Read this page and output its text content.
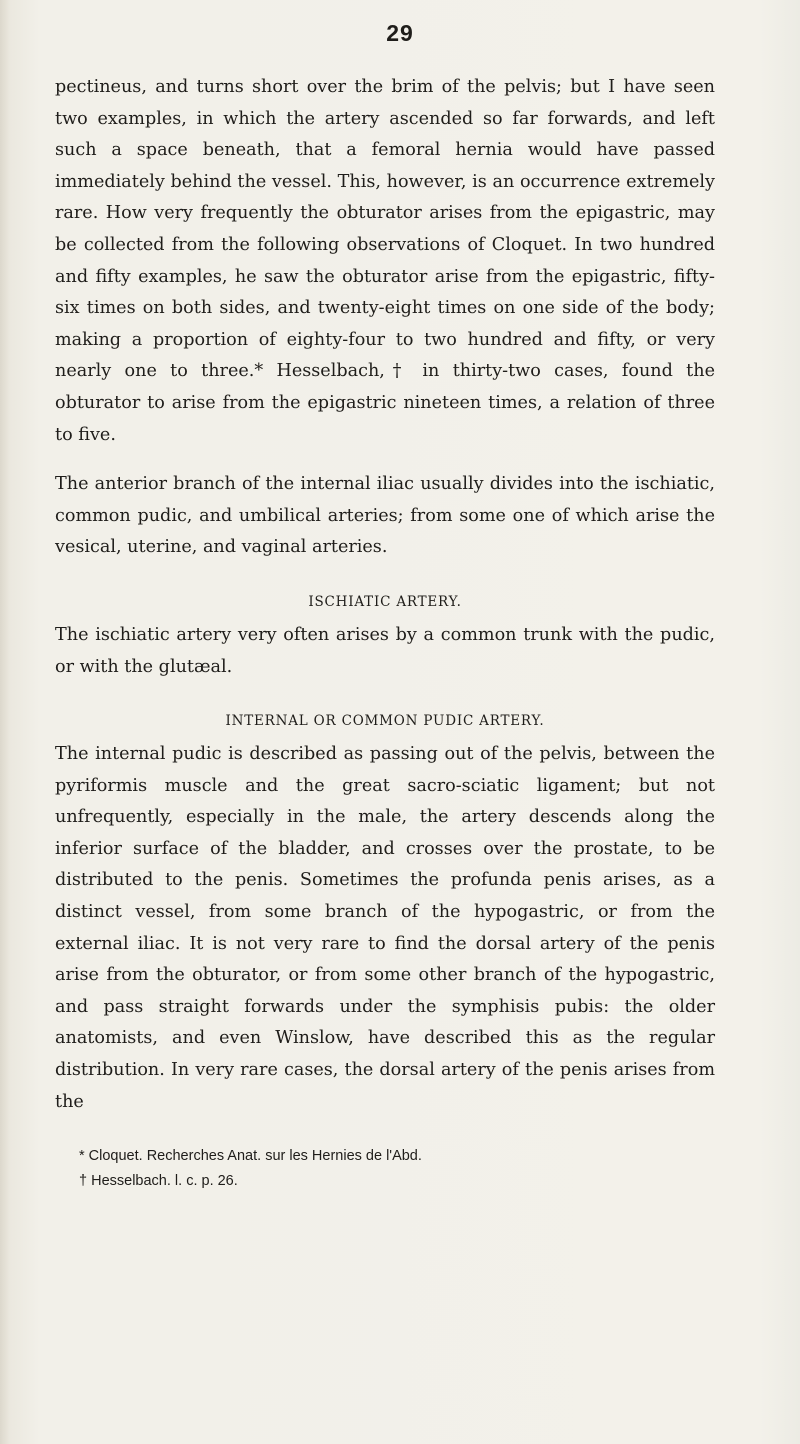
29

pectineus, and turns short over the brim of the pelvis; but I have seen two examples, in which the artery ascended so far forwards, and left such a space beneath, that a femoral hernia would have passed immediately behind the vessel. This, however, is an occurrence extremely rare. How very frequently the obturator arises from the epigastric, may be collected from the following observations of Cloquet. In two hundred and fifty examples, he saw the obturator arise from the epigastric, fifty-six times on both sides, and twenty-eight times on one side of the body; making a proportion of eighty-four to two hundred and fifty, or very nearly one to three.* Hesselbach,† in thirty-two cases, found the obturator to arise from the epigastric nineteen times, a relation of three to five.

The anterior branch of the internal iliac usually divides into the ischiatic, common pudic, and umbilical arteries; from some one of which arise the vesical, uterine, and vaginal arteries.

ISCHIATIC ARTERY.

The ischiatic artery very often arises by a common trunk with the pudic, or with the glutæal.

INTERNAL OR COMMON PUDIC ARTERY.

The internal pudic is described as passing out of the pelvis, between the pyriformis muscle and the great sacro-sciatic ligament; but not unfrequently, especially in the male, the artery descends along the inferior surface of the bladder, and crosses over the prostate, to be distributed to the penis. Sometimes the profunda penis arises, as a distinct vessel, from some branch of the hypogastric, or from the external iliac. It is not very rare to find the dorsal artery of the penis arise from the obturator, or from some other branch of the hypogastric, and pass straight forwards under the symphisis pubis: the older anatomists, and even Winslow, have described this as the regular distribution. In very rare cases, the dorsal artery of the penis arises from the

* Cloquet. Recherches Anat. sur les Hernies de l'Abd.

† Hesselbach. l. c. p. 26.
